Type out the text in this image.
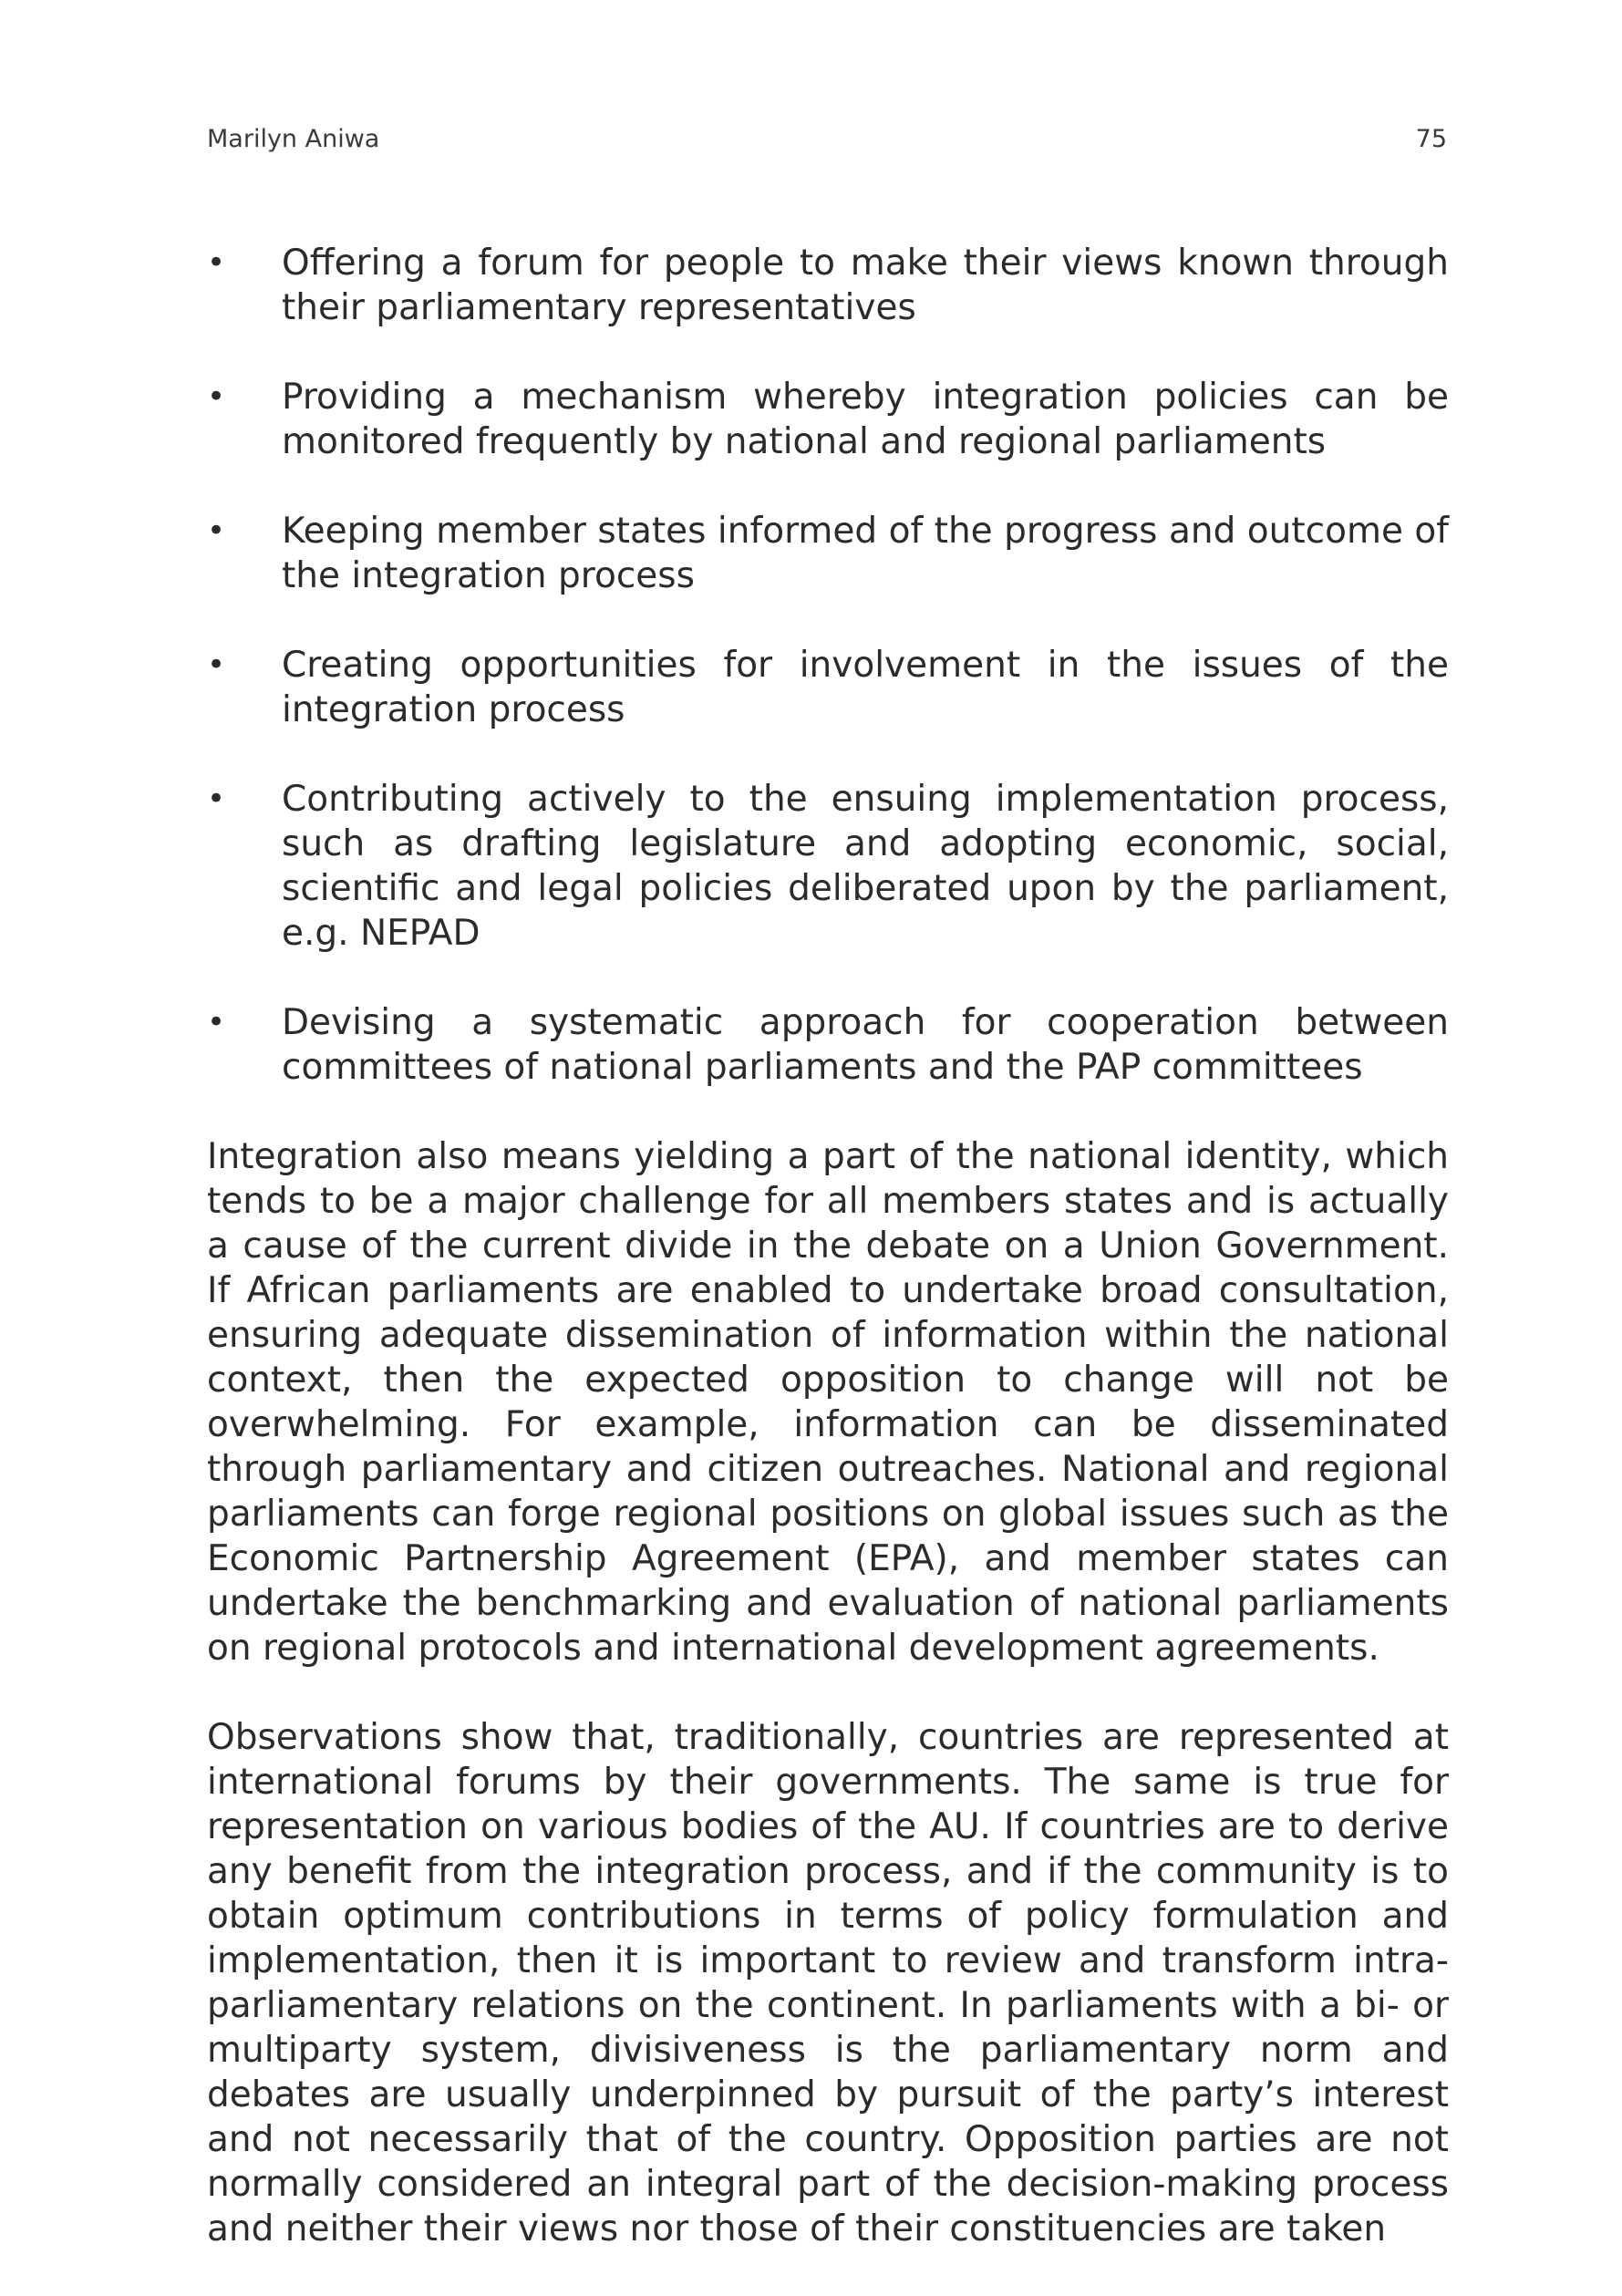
Marilyn Aniwa	75
• Offering a forum for people to make their views known through their parliamentary representatives
• Providing a mechanism whereby integration policies can be monitored frequently by national and regional parliaments
• Keeping member states informed of the progress and outcome of the integration process
• Creating opportunities for involvement in the issues of the integration process
• Contributing actively to the ensuing implementation process, such as drafting legislature and adopting economic, social, scientific and legal policies deliberated upon by the parliament, e.g. NEPAD
• Devising a systematic approach for cooperation between committees of national parliaments and the PAP committees

Integration also means yielding a part of the national identity, which tends to be a major challenge for all members states and is actually a cause of the current divide in the debate on a Union Government. If African parliaments are enabled to undertake broad consultation, ensuring adequate dissemination of information within the national context, then the expected opposition to change will not be overwhelming. For example, information can be disseminated through parliamentary and citizen outreaches. National and regional parliaments can forge regional positions on global issues such as the Economic Partnership Agreement (EPA), and member states can undertake the benchmarking and evaluation of national parliaments on regional protocols and international development agreements.

Observations show that, traditionally, countries are represented at international forums by their governments. The same is true for representation on various bodies of the AU. If countries are to derive any benefit from the integration process, and if the community is to obtain optimum contributions in terms of policy formulation and implementation, then it is important to review and transform intra-parliamentary relations on the continent. In parliaments with a bi- or multiparty system, divisiveness is the parliamentary norm and debates are usually underpinned by pursuit of the party’s interest and not necessarily that of the country. Opposition parties are not normally considered an integral part of the decision-making process and neither their views nor those of their constituencies are taken
